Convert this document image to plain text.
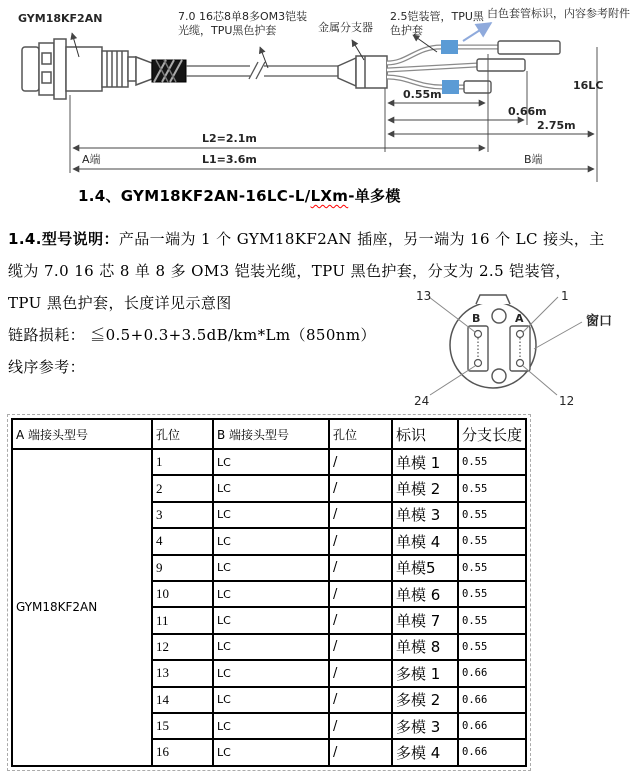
GYM18KF2AN	7.0 16芯8单8多OM3铠装
光缆，TPU黑色护套	金属分支器
2.5铠装管，TPU黑
色护套
白色套管标识，内容参考附件
16LC
0.55m
0.66m
2.75m
L2=2.1m
L1=3.6m
A端	B端
1.4、GYM18KF2AN-16LC-L/LXm-单多模
1.4.型号说明：产品一端为 1 个 GYM18KF2AN 插座，另一端为 16 个 LC 接头，主
缆为 7.0 16 芯 8 单 8 多 OM3 铠装光缆，TPU 黑色护套，分支为 2.5 铠装管，
TPU 黑色护套，长度详见示意图
链路损耗： ≦0.5+0.3+3.5dB/km*Lm（850nm）
线序参考：
13	1
窗口
24	12
B	A
A 端接头型号	孔位	B 端接头型号	孔位	标识	分支长度
GYM18KF2AN	1	LC	/	单模 1	0.55
	2	LC	/	单模 2	0.55
	3	LC	/	单模 3	0.55
	4	LC	/	单模 4	0.55
	9	LC	/	单模5	0.55
	10	LC	/	单模 6	0.55
	11	LC	/	单模 7	0.55
	12	LC	/	单模 8	0.55
	13	LC	/	多模 1	0.66
	14	LC	/	多模 2	0.66
	15	LC	/	多模 3	0.66
	16	LC	/	多模 4	0.66
